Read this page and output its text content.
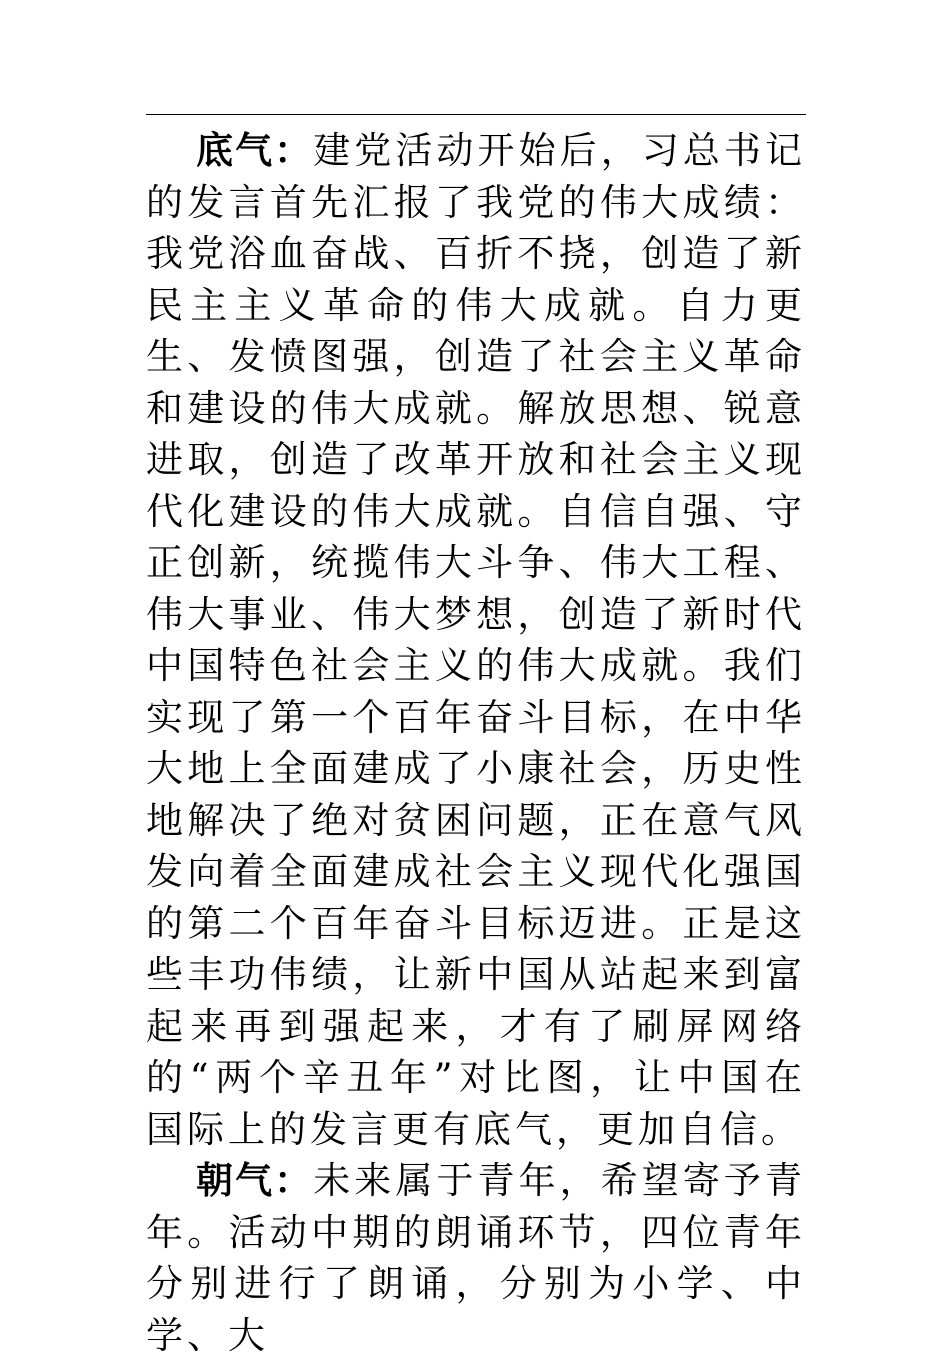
底气：建党活动开始后，习总书记的发言首先汇报了我党的伟大成绩：我党浴血奋战、百折不挠，创造了新民主主义革命的伟大成就。自力更生、发愤图强，创造了社会主义革命和建设的伟大成就。解放思想、锐意进取，创造了改革开放和社会主义现代化建设的伟大成就。自信自强、守正创新，统揽伟大斗争、伟大工程、伟大事业、伟大梦想，创造了新时代中国特色社会主义的伟大成就。我们实现了第一个百年奋斗目标，在中华大地上全面建成了小康社会，历史性地解决了绝对贫困问题，正在意气风发向着全面建成社会主义现代化强国的第二个百年奋斗目标迈进。正是这些丰功伟绩，让新中国从站起来到富起来再到强起来，才有了刷屏网络的“两个辛丑年”对比图，让中国在国际上的发言更有底气，更加自信。

朝气：未来属于青年，希望寄予青年。活动中期的朗诵环节，四位青年分别进行了朗诵，分别为小学、中学、大
